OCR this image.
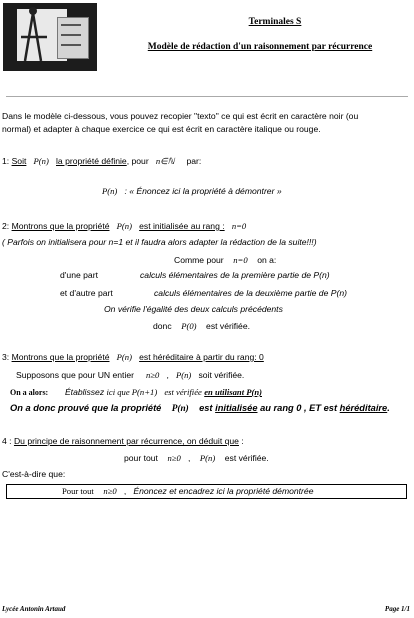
Terminales S
Modèle de rédaction d'un raisonnement par récurrence
Dans le modèle ci-dessous, vous pouvez recopier "texto" ce qui est écrit en caractère noir (ou
normal) et adapter à chaque exercice ce qui est écrit en caractère italique ou rouge.
1: Soit P(n) la propriété définie, pour n∈ℕ par:
P(n) : « Énoncez ici la propriété à démontrer »
2: Montrons que la propriété P(n) est initialisée au rang : n=0
( Parfois on initialisera pour n=1 et il faudra alors adapter la rédaction de la suite!!!)
Comme pour n=0 on a:
d'une part	calculs élémentaires de la première partie de P(n)
et d'autre part	calculs élémentaires de la deuxième partie de P(n)
On vérifie l'égalité des deux calculs précédents
donc P(0) est vérifiée.
3: Montrons que la propriété P(n) est héréditaire à partir du rang: 0
Supposons que pour UN entier n≥0 , P(n) soit vérifiée.
On a alors: Établissez ici que P(n+1) est vérifiée en utilisant P(n)
On a donc prouvé que la propriété P(n) est initialisée au rang 0 , ET est héréditaire.
4 : Du principe de raisonnement par récurrence, on déduit que :
pour tout n≥0 , P(n) est vérifiée.
C'est-à-dire que:
Pour tout n≥0 , Énoncez et encadrez ici la propriété démontrée
Lycée Antonin Artaud	Page 1/1
